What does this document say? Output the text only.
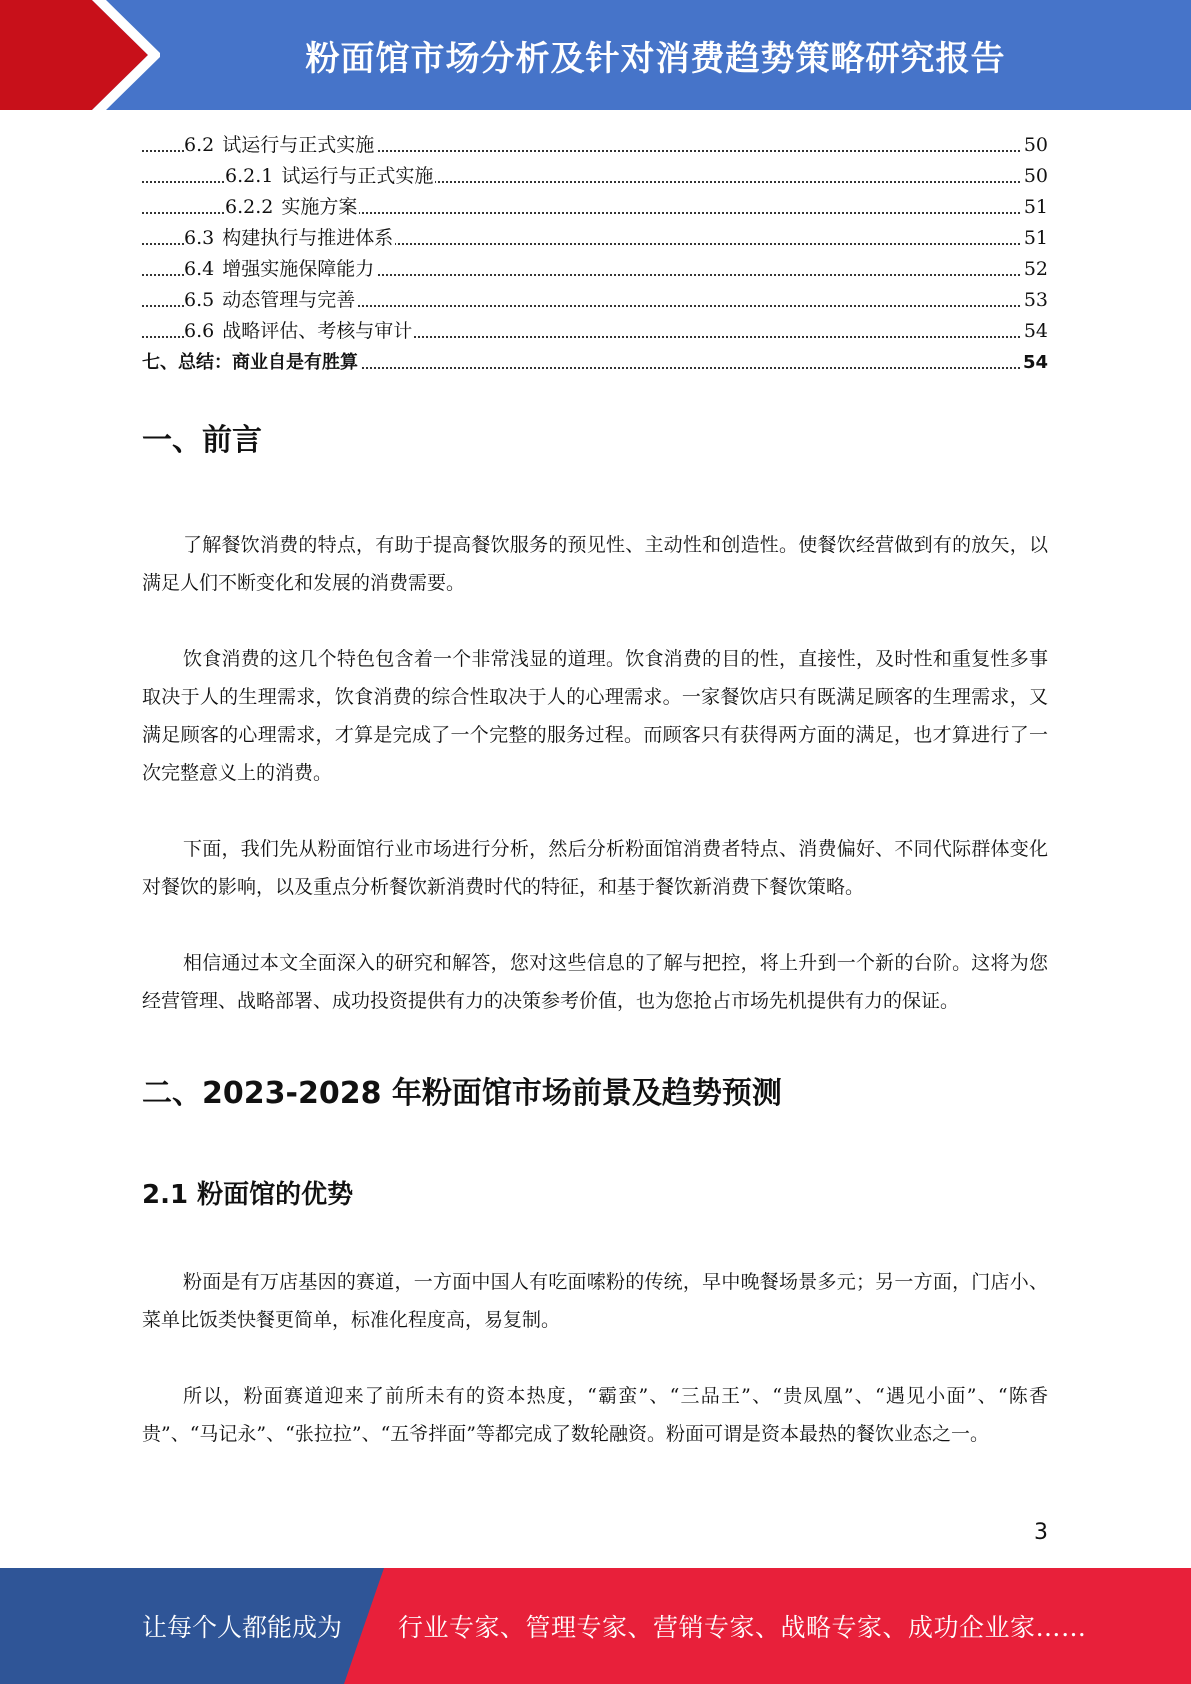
粉面馆市场分析及针对消费趋势策略研究报告
6.2 试运行与正式实施	50
6.2.1 试运行与正式实施	50
6.2.2 实施方案	51
6.3 构建执行与推进体系	51
6.4 增强实施保障能力	52
6.5 动态管理与完善	53
6.6 战略评估、考核与审计	54
七、总结：商业自是有胜算	54
一、前言

了解餐饮消费的特点，有助于提高餐饮服务的预见性、主动性和创造性。使餐饮经营做到有的放矢，以满足人们不断变化和发展的消费需要。

饮食消费的这几个特色包含着一个非常浅显的道理。饮食消费的目的性，直接性，及时性和重复性多事取决于人的生理需求，饮食消费的综合性取决于人的心理需求。一家餐饮店只有既满足顾客的生理需求，又满足顾客的心理需求，才算是完成了一个完整的服务过程。而顾客只有获得两方面的满足，也才算进行了一次完整意义上的消费。

下面，我们先从粉面馆行业市场进行分析，然后分析粉面馆消费者特点、消费偏好、不同代际群体变化对餐饮的影响，以及重点分析餐饮新消费时代的特征，和基于餐饮新消费下餐饮策略。

相信通过本文全面深入的研究和解答，您对这些信息的了解与把控，将上升到一个新的台阶。这将为您经营管理、战略部署、成功投资提供有力的决策参考价值，也为您抢占市场先机提供有力的保证。

二、2023-2028 年粉面馆市场前景及趋势预测
2.1 粉面馆的优势

粉面是有万店基因的赛道，一方面中国人有吃面嗦粉的传统，早中晚餐场景多元；另一方面，门店小、菜单比饭类快餐更简单，标准化程度高，易复制。

所以，粉面赛道迎来了前所未有的资本热度，“霸蛮”、“三品王”、“贵凤凰”、“遇见小面”、“陈香贵”、“马记永”、“张拉拉”、“五爷拌面”等都完成了数轮融资。粉面可谓是资本最热的餐饮业态之一。

3
让每个人都能成为 行业专家、管理专家、营销专家、战略专家、成功企业家……
